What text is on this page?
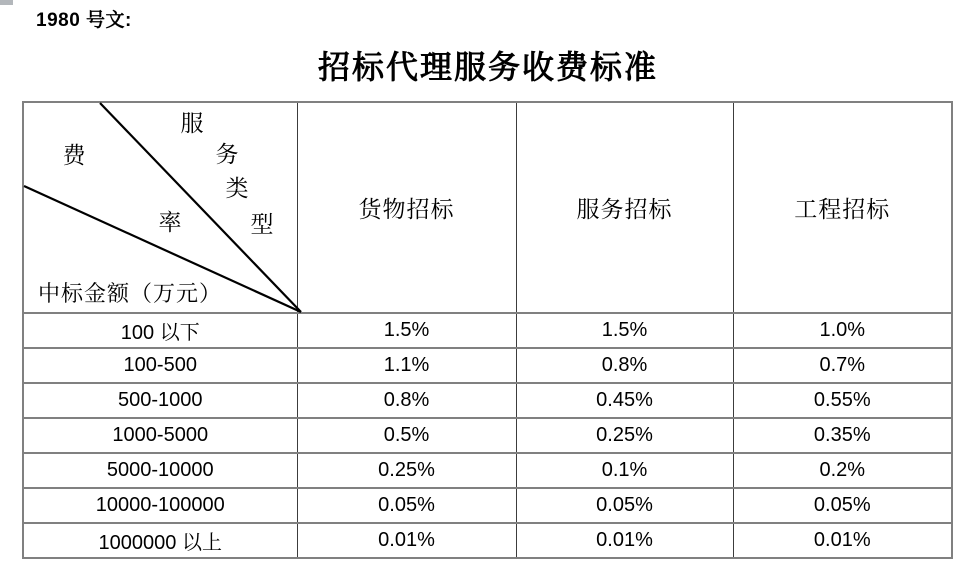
1980 号文:
招标代理服务收费标准
服
务
类
型
费
率
中标金额（万元）
	货物招标	服务招标	工程招标
100 以下	1.5%	1.5%	1.0%
100-500	1.1%	0.8%	0.7%
500-1000	0.8%	0.45%	0.55%
1000-5000	0.5%	0.25%	0.35%
5000-10000	0.25%	0.1%	0.2%
10000-100000	0.05%	0.05%	0.05%
1000000 以上	0.01%	0.01%	0.01%
